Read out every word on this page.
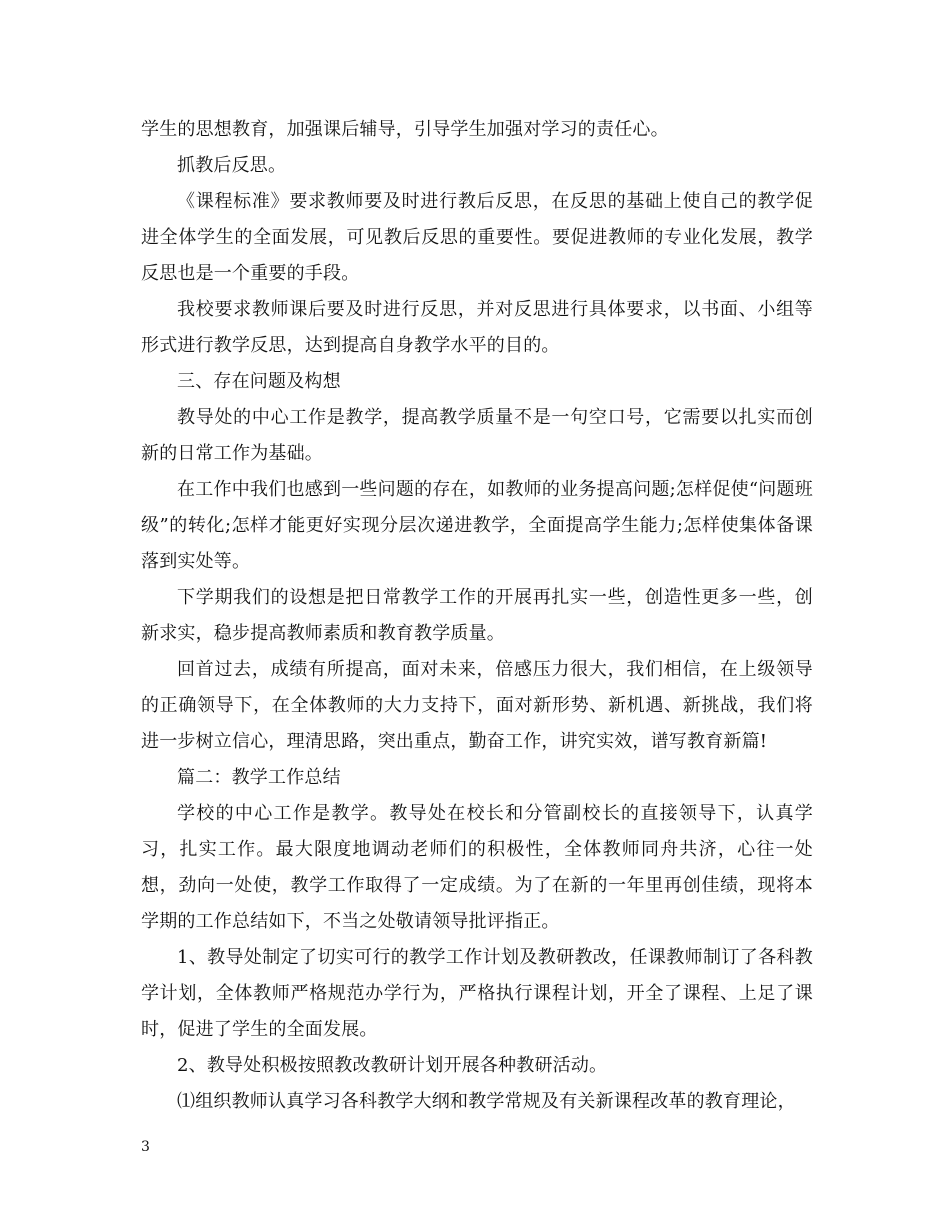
学生的思想教育，加强课后辅导，引导学生加强对学习的责任心。

抓教后反思。

《课程标准》要求教师要及时进行教后反思，在反思的基础上使自己的教学促进全体学生的全面发展，可见教后反思的重要性。要促进教师的专业化发展，教学反思也是一个重要的手段。

我校要求教师课后要及时进行反思，并对反思进行具体要求，以书面、小组等形式进行教学反思，达到提高自身教学水平的目的。

三、存在问题及构想

教导处的中心工作是教学，提高教学质量不是一句空口号，它需要以扎实而创新的日常工作为基础。

在工作中我们也感到一些问题的存在，如教师的业务提高问题;怎样促使“问题班级”的转化;怎样才能更好实现分层次递进教学，全面提高学生能力;怎样使集体备课落到实处等。

下学期我们的设想是把日常教学工作的开展再扎实一些，创造性更多一些，创新求实，稳步提高教师素质和教育教学质量。

回首过去，成绩有所提高，面对未来，倍感压力很大，我们相信，在上级领导的正确领导下，在全体教师的大力支持下，面对新形势、新机遇、新挑战，我们将进一步树立信心，理清思路，突出重点，勤奋工作，讲究实效，谱写教育新篇!

篇二：教学工作总结

学校的中心工作是教学。教导处在校长和分管副校长的直接领导下，认真学习，扎实工作。最大限度地调动老师们的积极性，全体教师同舟共济，心往一处想，劲向一处使，教学工作取得了一定成绩。为了在新的一年里再创佳绩，现将本学期的工作总结如下，不当之处敬请领导批评指正。

1、教导处制定了切实可行的教学工作计划及教研教改，任课教师制订了各科教学计划，全体教师严格规范办学行为，严格执行课程计划，开全了课程、上足了课时，促进了学生的全面发展。

2、教导处积极按照教改教研计划开展各种教研活动。

⑴组织教师认真学习各科教学大纲和教学常规及有关新课程改革的教育理论，

3
